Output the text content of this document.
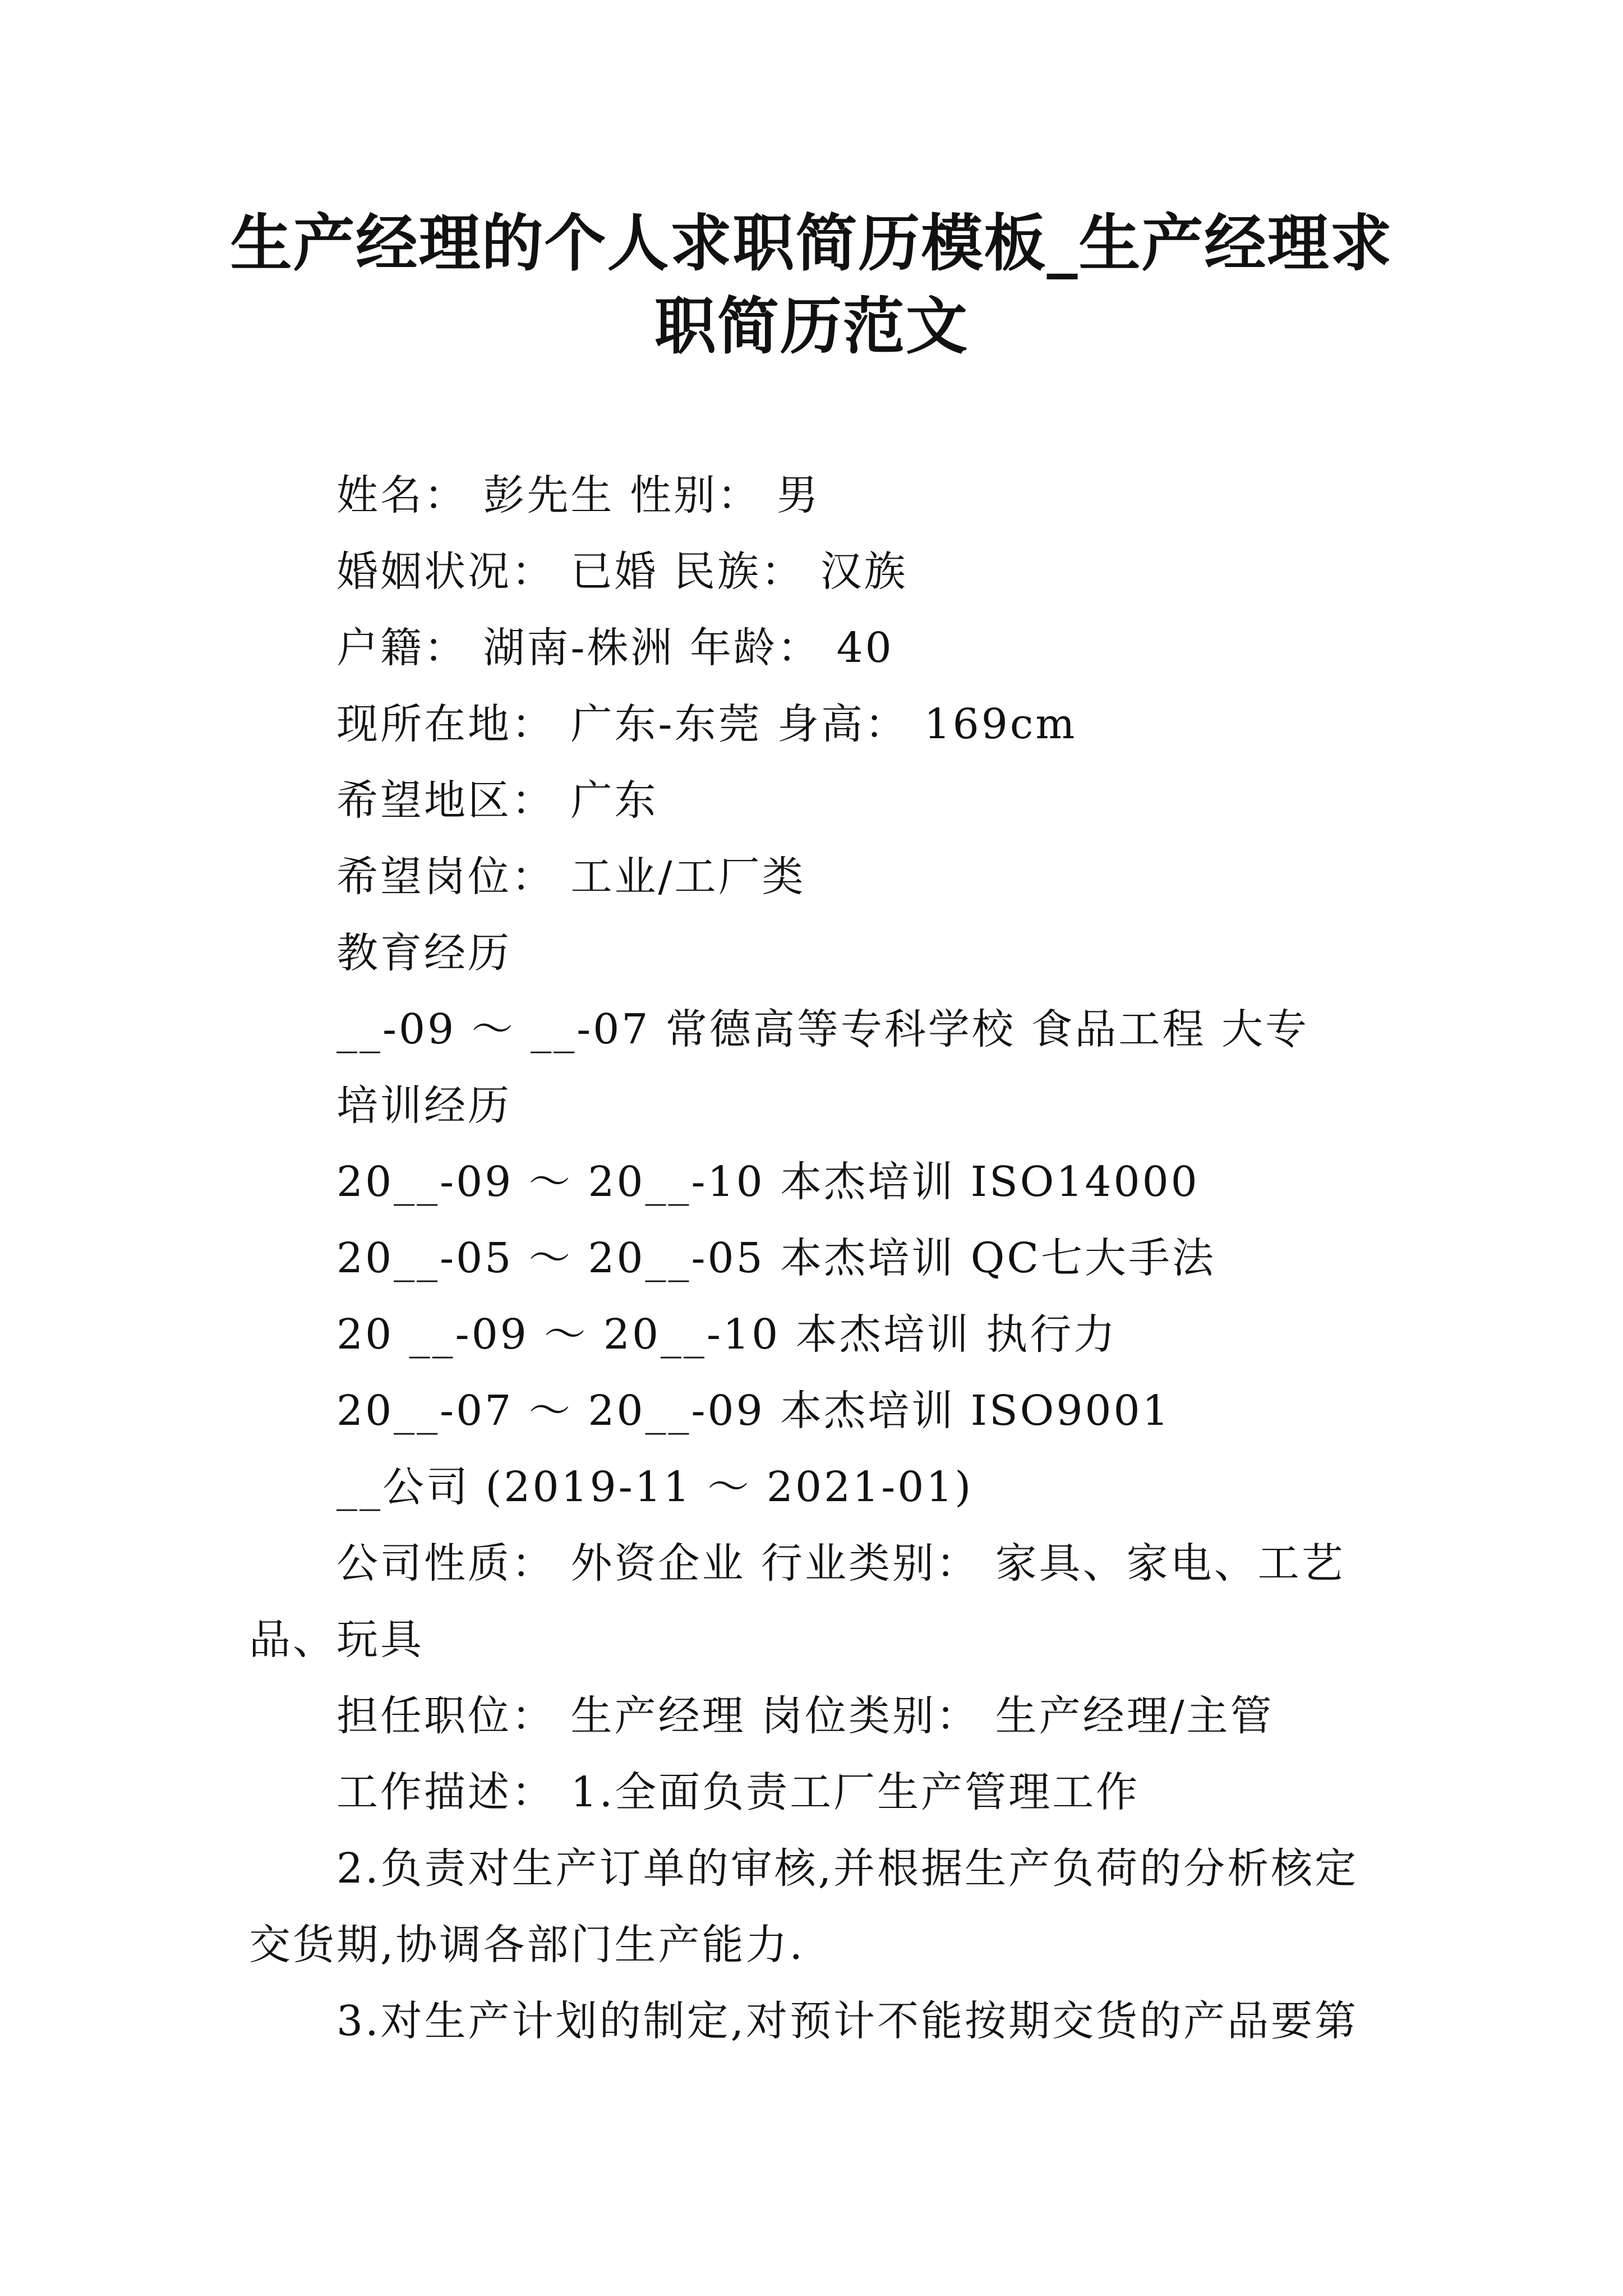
生产经理的个人求职简历模板_生产经理求
职简历范文
姓名： 彭先生 性别： 男
婚姻状况： 已婚 民族： 汉族
户籍： 湖南-株洲 年龄： 40
现所在地： 广东-东莞 身高： 169cm
希望地区： 广东
希望岗位： 工业/工厂类
教育经历
__-09 ～ __-07 常德高等专科学校 食品工程 大专
培训经历
20__-09 ～ 20__-10 本杰培训 ISO14000
20__-05 ～ 20__-05 本杰培训 QC七大手法
20 __-09 ～ 20__-10 本杰培训 执行力
20__-07 ～ 20__-09 本杰培训 ISO9001
__公司 (2019-11 ～ 2021-01)
公司性质： 外资企业 行业类别： 家具、家电、工艺
品、玩具
担任职位： 生产经理 岗位类别： 生产经理/主管
工作描述： 1.全面负责工厂生产管理工作
2.负责对生产订单的审核,并根据生产负荷的分析核定
交货期,协调各部门生产能力.
3.对生产计划的制定,对预计不能按期交货的产品要第
